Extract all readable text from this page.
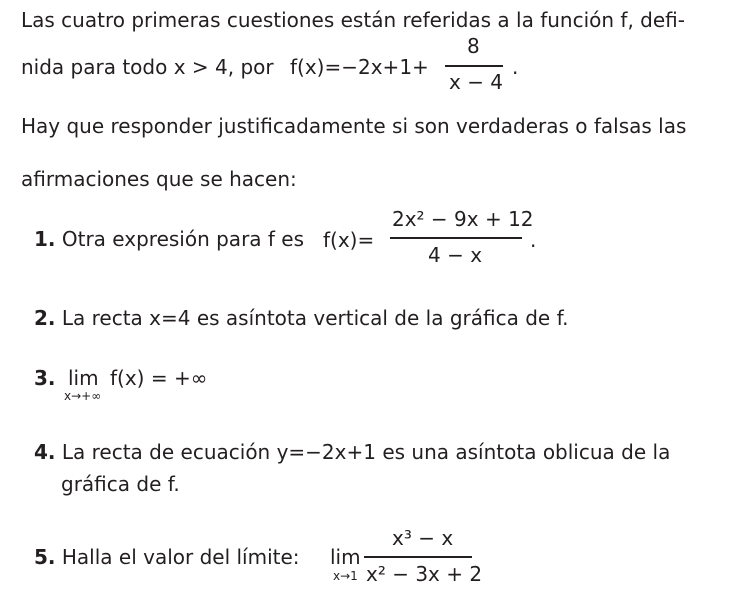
Las cuatro primeras cuestiones están referidas a la función f, defi-
nida para todo x > 4, por f(x)=−2x+1+
8
x − 4
.
Hay que responder justificadamente si son verdaderas o falsas las
afirmaciones que se hacen:
1. Otra expresión para f es f(x)=
2x² − 9x + 12
4 − x
.
2. La recta x=4 es asíntota vertical de la gráfica de f.
3. lim
x→+∞
f(x) = +∞
4. La recta de ecuación y=−2x+1 es una asíntota oblicua de la
gráfica de f.
5. Halla el valor del límite: lim
x→1
x³ − x
x² − 3x + 2
